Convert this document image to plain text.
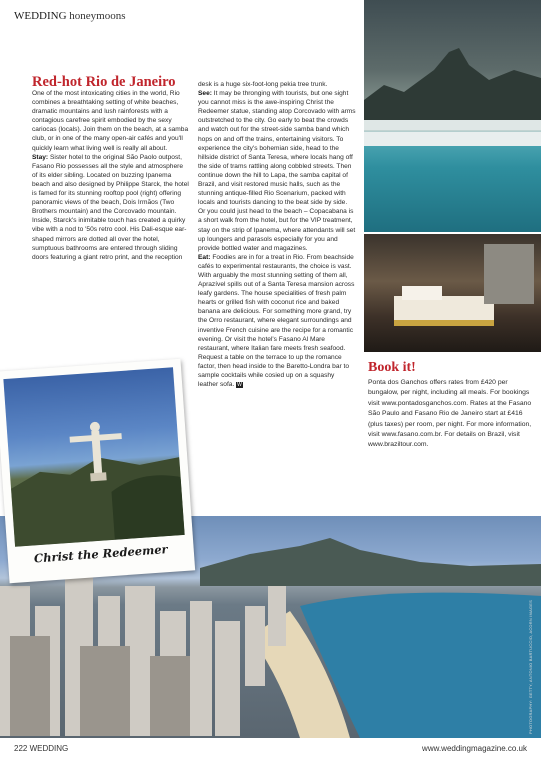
WEDDING honeymoons
Red-hot Rio de Janeiro

One of the most intoxicating cities in the world, Rio combines a breathtaking setting of white beaches, dramatic mountains and lush rainforests with a contagious carefree spirit embodied by the sexy cariocas (locals). Join them on the beach, at a samba club, or in one of the many open-air cafés and you'll quickly learn what living well is really all about.

Stay: Sister hotel to the original São Paolo outpost, Fasano Rio possesses all the style and atmosphere of its elder sibling. Located on buzzing Ipanema beach and also designed by Philippe Starck, the hotel is famed for its stunning rooftop pool (right) offering panoramic views of the beach, Dois Irmãos (Two Brothers mountain) and the Corcovado mountain. Inside, Starck's inimitable touch has created a quirky vibe with a nod to '50s retro cool. His Dali-esque ear-shaped mirrors are dotted all over the hotel, sumptuous bathrooms are entered through sliding doors featuring a giant retro print, and the reception

desk is a huge six-foot-long pekia tree trunk.

See: It may be thronging with tourists, but one sight you cannot miss is the awe-inspiring Christ the Redeemer statue, standing atop Corcovado with arms outstretched to the city. Go early to beat the crowds and watch out for the street-side samba band which hops on and off the trains, entertaining visitors. To experience the city's bohemian side, head to the hillside district of Santa Teresa, where locals hang off the side of trams rattling along cobbled streets. Then continue down the hill to Lapa, the samba capital of Brazil, and visit restored music halls, such as the stunning antique-filled Rio Scenarium, packed with locals and tourists dancing to the beat side by side. Or you could just head to the beach – Copacabana is a short walk from the hotel, but for the VIP treatment, stay on the strip of Ipanema, where attendants will set up loungers and parasols especially for you and provide bottled water and magazines.

Eat: Foodies are in for a treat in Rio. From beachside cafés to experimental restaurants, the choice is vast. With arguably the most stunning setting of them all, Aprazível spills out of a Santa Teresa mansion across leafy gardens. The house specialities of fresh palm hearts or grilled fish with coconut rice and baked banana are delicious. For something more grand, try the Orro restaurant, where elegant surroundings and inventive French cuisine are the recipe for a romantic evening. Or visit the hotel's Fasano Al Mare restaurant, where Italian fare meets fresh seafood. Request a table on the terrace to up the romance factor, then head inside to the Baretto-Londra bar to sample cocktails while cosied up on a squashy leather sofa. W

Book it!
Ponta dos Ganchos offers rates from £420 per bungalow, per night, including all meals. For bookings visit www.pontadosganchos.com. Rates at the Fasano São Paulo and Fasano Rio de Janeiro start at £416 (plus taxes) per room, per night. For more information, visit www.fasano.com.br. For details on Brazil, visit www.braziltour.com.
Christ the Redeemer
PHOTOGRAPHY: GETTY, ANTONIO BARTUCCIO, ACORN IMAGES
222 WEDDING	www.weddingmagazine.co.uk
